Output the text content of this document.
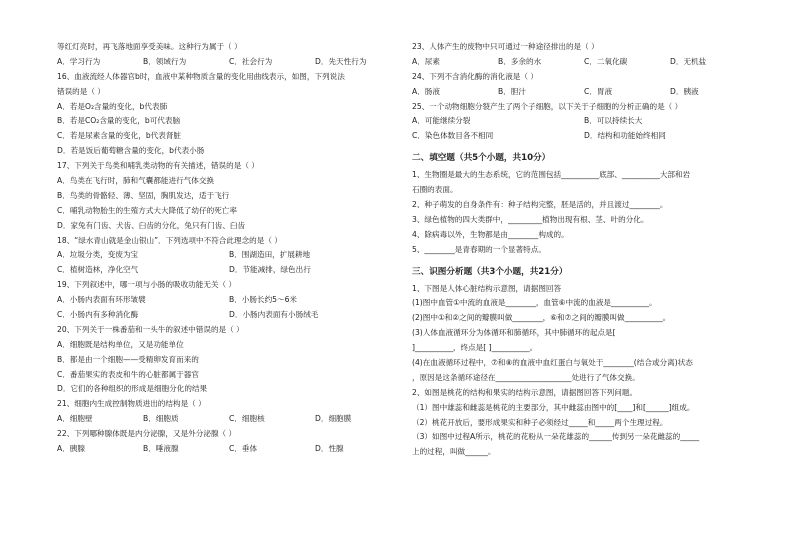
等红灯亮时，再飞落地面享受美味。这种行为属于（ ）
A．学习行为	B．领域行为	C．社会行为	D．先天性行为
16、血液流经人体器官b时，血液中某种物质含量的变化用曲线表示，如图，下列说法
错误的是（ ）
A．若是O₂含量的变化，b代表肺
B．若是CO₂含量的变化，b可代表脑
C．若是尿素含量的变化，b代表肾脏
D．若是饭后葡萄糖含量的变化，b代表小肠
17、下列关于鸟类和哺乳类动物的有关描述，错误的是（ ）
A．鸟类在飞行时，肺和气囊都能进行气体交换
B．鸟类的骨骼轻、薄、坚固，胸肌发达，适于飞行
C．哺乳动物胎生的生殖方式大大降低了幼仔的死亡率
D．家兔有门齿、犬齿、臼齿的分化，兔只有门齿、臼齿
18、“绿水青山就是金山银山”．下列选项中不符合此理念的是（ ）
A．垃圾分类，变废为宝	B．围湖造田，扩展耕地
C．植树造林，净化空气	D．节能减排，绿色出行
19、下列叙述中，哪一项与小肠的吸收功能无关（ ）
A．小肠内表面有环形皱襞	B．小肠长约5～6米
C．小肠内有多种消化酶	D．小肠内表面有小肠绒毛
20、下列关于一株番茄和一头牛的叙述中错误的是（ ）
A．细胞既是结构单位，又是功能单位
B．都是由一个细胞——受精卵发育而来的
C．番茄果实的表皮和牛的心脏都属于器官
D．它们的各种组织的形成是细胞分化的结果
21、细胞内生成控制物质进出的结构是（ ）
A．细胞壁	B．细胞质	C．细胞核	D．细胞膜
22、下列哪种腺体既是内分泌腺，又是外分泌腺（ ）
A．胰腺	B．唾液腺	C．垂体	D．性腺
23、人体产生的废物中只可通过一种途径排出的是（ ）
A．尿素	B．多余的水	C．二氧化碳	D．无机盐
24、下列不含消化酶的消化液是（ ）
A．肠液	B．胆汁	C．胃液	D．胰液
25、一个动物细胞分裂产生了两个子细胞，以下关于子细胞的分析正确的是（ ）
A．可能继续分裂	B．可以持续长大
C．染色体数目各不相同	D．结构和功能始终相同
二、填空题（共5个小题，共10分）
1、生物圈是最大的生态系统，它的范围包括__________底部、__________大部和岩
石圈的表面。
2、种子萌发的自身条件有：种子结构完整，胚是活的，并且渡过________。
3、绿色植物的四大类群中，_________植物出现有根、茎、叶的分化。
4、除病毒以外，生物都是由________构成的。
5、________是青春期的一个显著特点。
三、识图分析题（共3个小题，共21分）
1、下图是人体心脏结构示意图，请据图回答
(1)图中血管①中流的血液是________，血管⑥中流的血液是__________。
(2)图中①和②之间的瓣膜叫做________，⑥和⑦之间的瓣膜叫做__________。
(3)人体血液循环分为体循环和肺循环，其中肺循环的起点是[
]__________，终点是[ ]__________。
(4)在血液循环过程中，⑦和⑧的血液中血红蛋白与氧处于________(结合或分离)状态
，原因是这条循环途径在____________________处进行了气体交换。
2、如图是桃花的结构和果实的结构示意图，请据图回答下列问题。
（1）图中雄蕊和雌蕊是桃花的主要部分，其中雌蕊由图中的[____]和[______]组成。
（2）桃花开放后，要形成果实和种子必须经过_____和_____两个生理过程。
（3）如图中过程A所示，桃花的花粉从一朵花雄蕊的______传到另一朵花雌蕊的_____
上的过程，叫做______。
